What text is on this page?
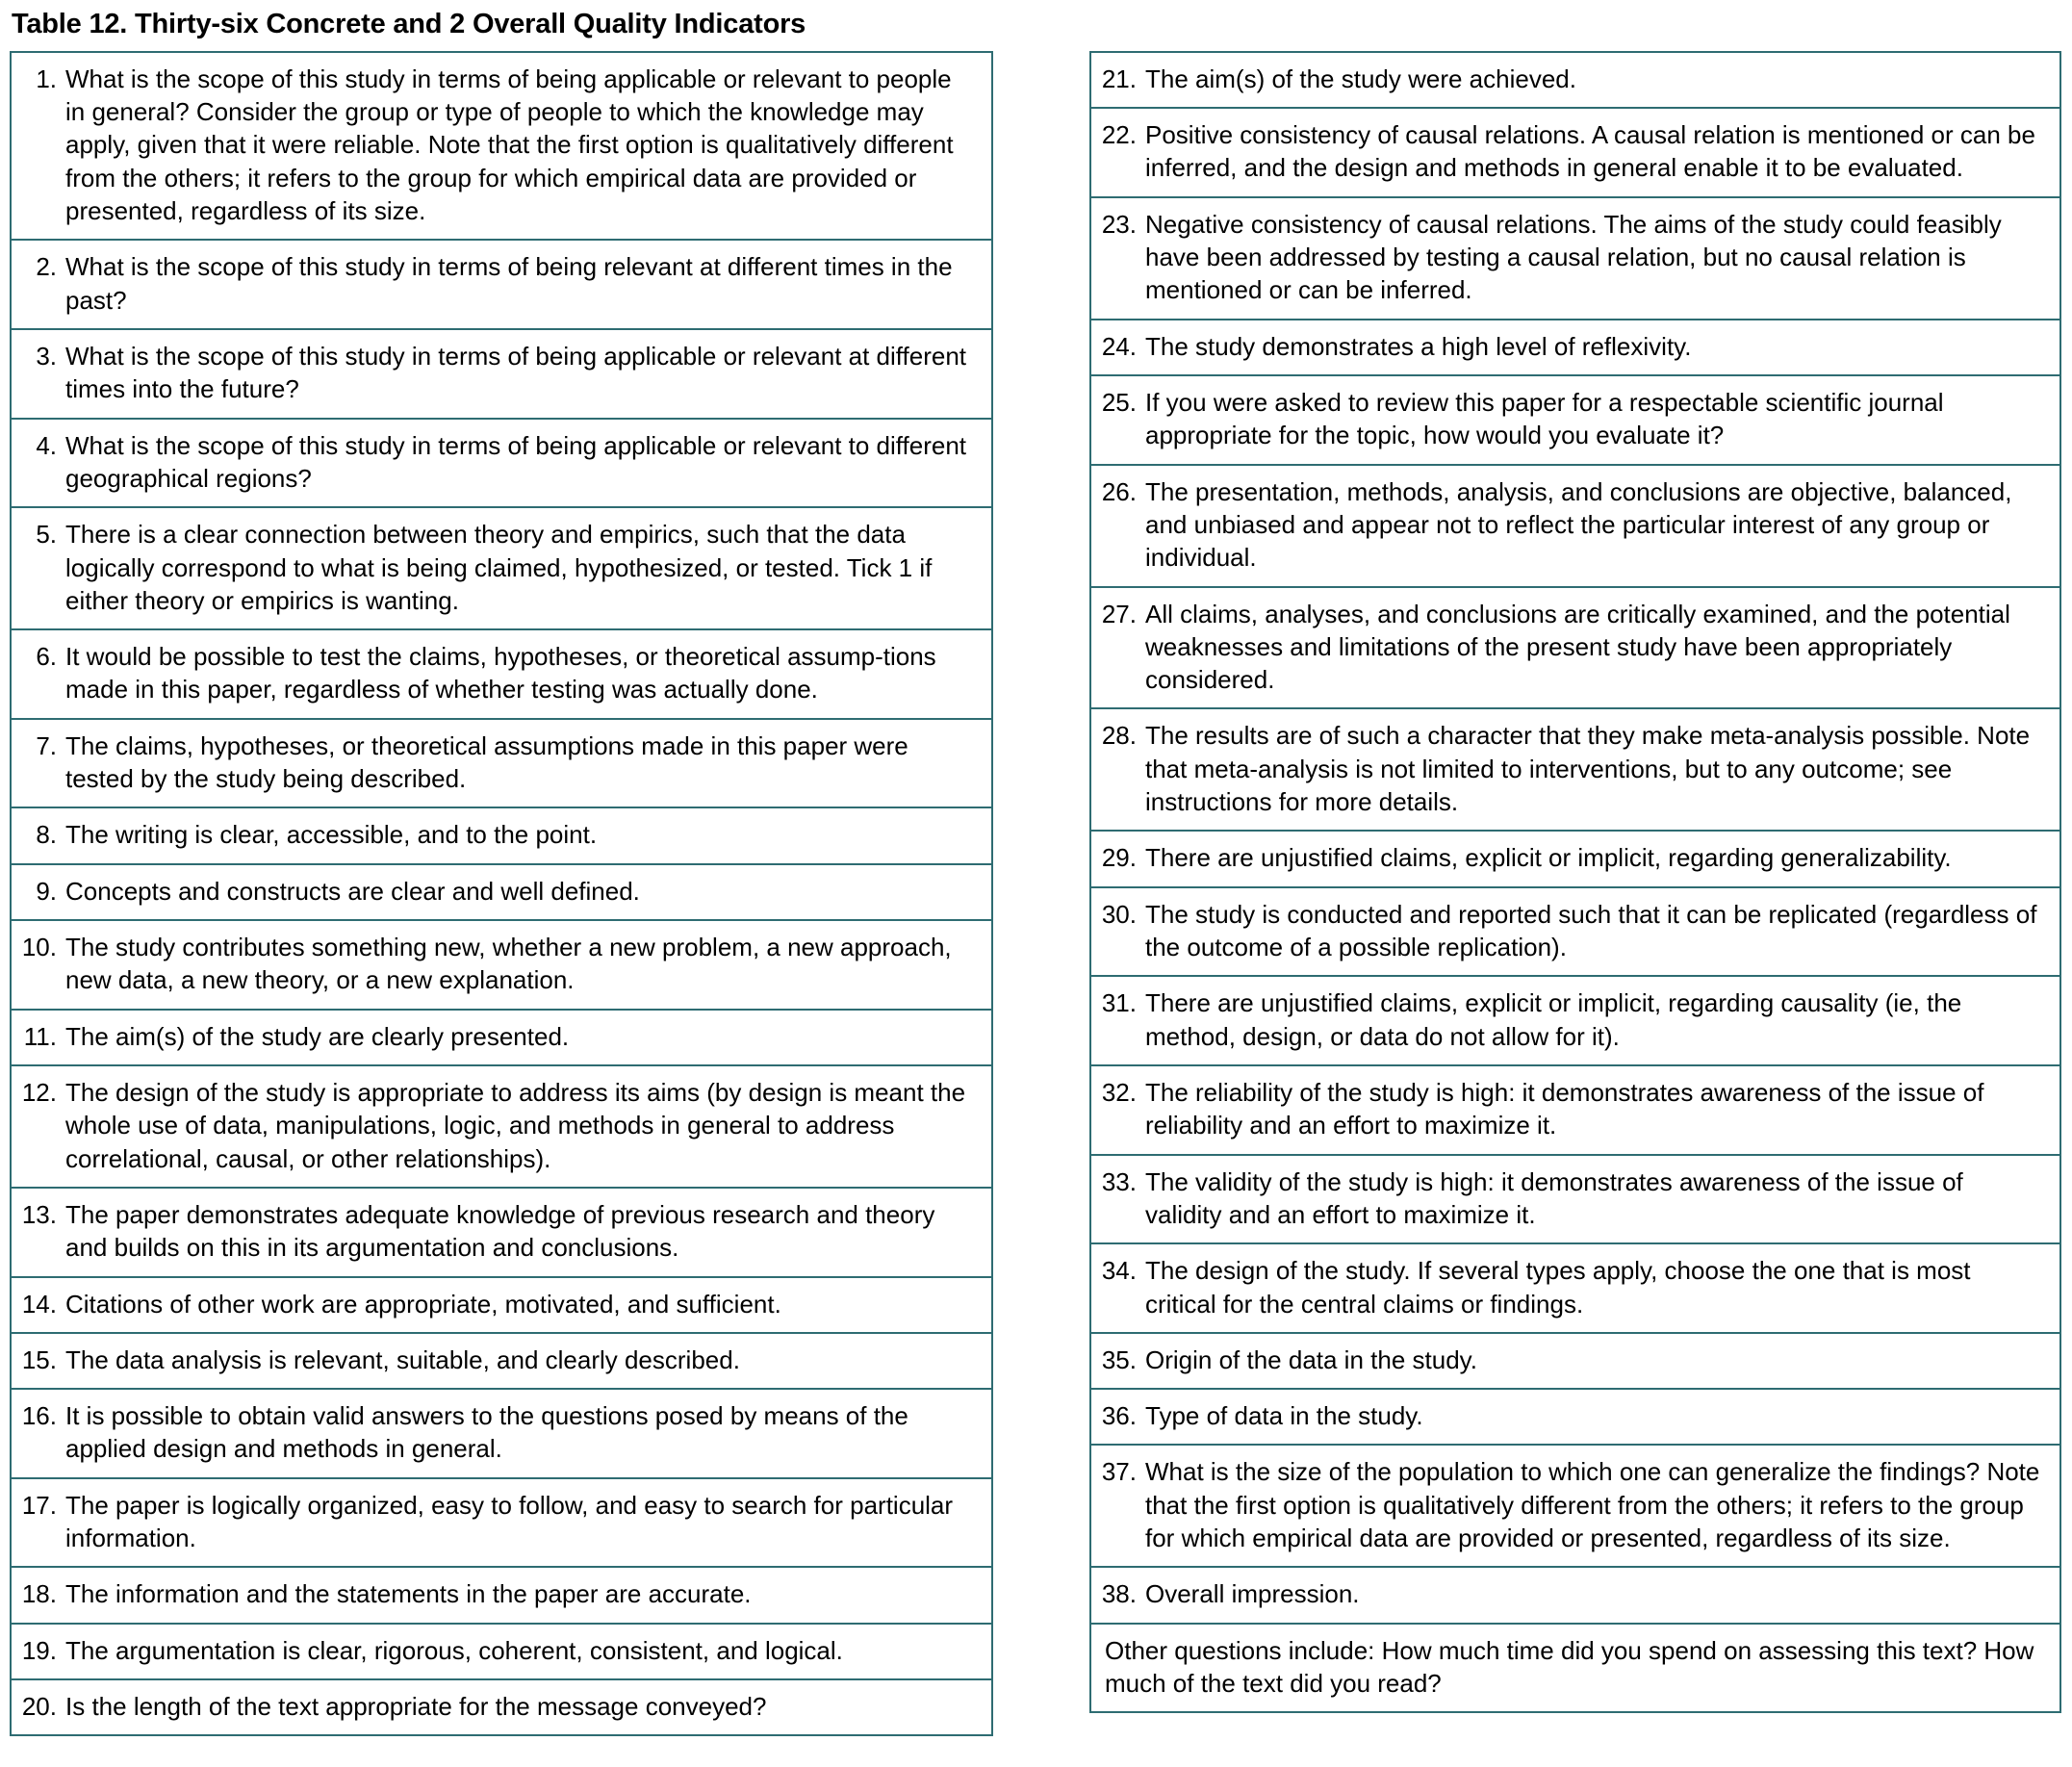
Table 12. Thirty-six Concrete and 2 Overall Quality Indicators
1. What is the scope of this study in terms of being applicable or relevant to people in general? Consider the group or type of people to which the knowledge may apply, given that it were reliable. Note that the first option is qualitatively different from the others; it refers to the group for which empirical data are provided or presented, regardless of its size.
2. What is the scope of this study in terms of being relevant at different times in the past?
3. What is the scope of this study in terms of being applicable or relevant at different times into the future?
4. What is the scope of this study in terms of being applicable or relevant to different geographical regions?
5. There is a clear connection between theory and empirics, such that the data logically correspond to what is being claimed, hypothesized, or tested. Tick 1 if either theory or empirics is wanting.
6. It would be possible to test the claims, hypotheses, or theoretical assump-tions made in this paper, regardless of whether testing was actually done.
7. The claims, hypotheses, or theoretical assumptions made in this paper were tested by the study being described.
8. The writing is clear, accessible, and to the point.
9. Concepts and constructs are clear and well defined.
10. The study contributes something new, whether a new problem, a new approach, new data, a new theory, or a new explanation.
11. The aim(s) of the study are clearly presented.
12. The design of the study is appropriate to address its aims (by design is meant the whole use of data, manipulations, logic, and methods in general to address correlational, causal, or other relationships).
13. The paper demonstrates adequate knowledge of previous research and theory and builds on this in its argumentation and conclusions.
14. Citations of other work are appropriate, motivated, and sufficient.
15. The data analysis is relevant, suitable, and clearly described.
16. It is possible to obtain valid answers to the questions posed by means of the applied design and methods in general.
17. The paper is logically organized, easy to follow, and easy to search for particular information.
18. The information and the statements in the paper are accurate.
19. The argumentation is clear, rigorous, coherent, consistent, and logical.
20. Is the length of the text appropriate for the message conveyed?
21. The aim(s) of the study were achieved.
22. Positive consistency of causal relations. A causal relation is mentioned or can be inferred, and the design and methods in general enable it to be evaluated.
23. Negative consistency of causal relations. The aims of the study could feasibly have been addressed by testing a causal relation, but no causal relation is mentioned or can be inferred.
24. The study demonstrates a high level of reflexivity.
25. If you were asked to review this paper for a respectable scientific journal appropriate for the topic, how would you evaluate it?
26. The presentation, methods, analysis, and conclusions are objective, balanced, and unbiased and appear not to reflect the particular interest of any group or individual.
27. All claims, analyses, and conclusions are critically examined, and the potential weaknesses and limitations of the present study have been appropriately considered.
28. The results are of such a character that they make meta-analysis possible. Note that meta-analysis is not limited to interventions, but to any outcome; see instructions for more details.
29. There are unjustified claims, explicit or implicit, regarding generalizability.
30. The study is conducted and reported such that it can be replicated (regardless of the outcome of a possible replication).
31. There are unjustified claims, explicit or implicit, regarding causality (ie, the method, design, or data do not allow for it).
32. The reliability of the study is high: it demonstrates awareness of the issue of reliability and an effort to maximize it.
33. The validity of the study is high: it demonstrates awareness of the issue of validity and an effort to maximize it.
34. The design of the study. If several types apply, choose the one that is most critical for the central claims or findings.
35. Origin of the data in the study.
36. Type of data in the study.
37. What is the size of the population to which one can generalize the findings? Note that the first option is qualitatively different from the others; it refers to the group for which empirical data are provided or presented, regardless of its size.
38. Overall impression.
Other questions include: How much time did you spend on assessing this text? How much of the text did you read?
